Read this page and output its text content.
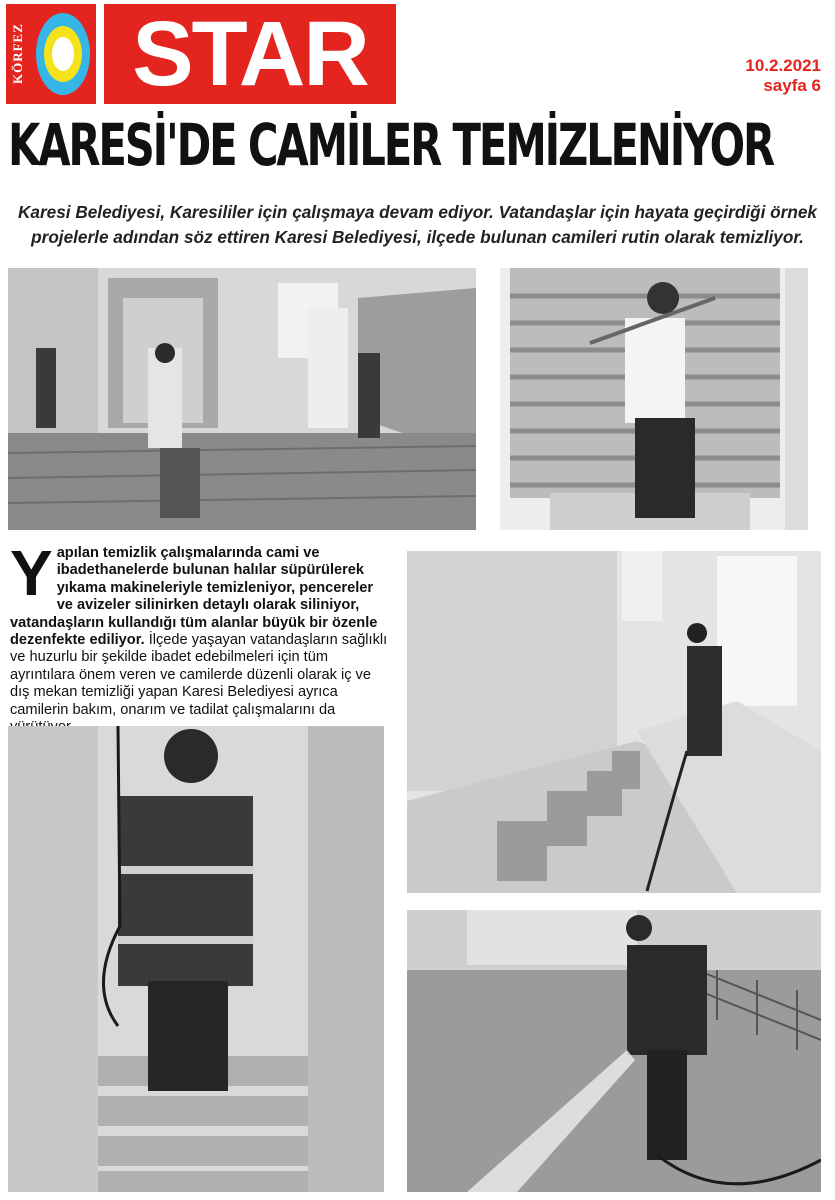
KÖRFEZ	STAR	10.2.2021
sayfa 6
KARESİ'DE CAMİLER TEMİZLENİYOR
Karesi Belediyesi, Karesililer için çalışmaya devam ediyor. Vatandaşlar için hayata geçirdiği örnek projelerle adından söz ettiren Karesi Belediyesi, ilçede bulunan camileri rutin olarak temizliyor.
Yapılan temizlik çalışmalarında cami ve ibadethanelerde bulunan halılar süpürülerek yıkama makineleriyle temizleniyor, pencereler ve avizeler silinirken detaylı olarak siliniyor, vatandaşların kullandığı tüm alanlar büyük bir özenle dezenfekte ediliyor. İlçede yaşayan vatandaşların sağlıklı ve huzurlu bir şekilde ibadet edebilmeleri için tüm ayrıntılara önem veren ve camilerde düzenli olarak iç ve dış mekan temizliği yapan Karesi Belediyesi ayrıca camilerin bakım, onarım ve tadilat çalışmalarını da
